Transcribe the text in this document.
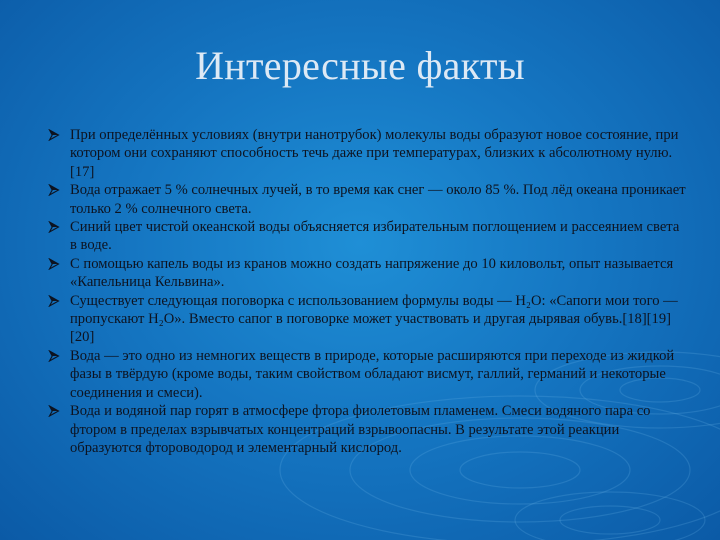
Интересные факты
При определённых условиях (внутри нанотрубок) молекулы воды образуют новое состояние, при котором они сохраняют способность течь даже при температурах, близких к абсолютному нулю.[17]
Вода отражает 5 % солнечных лучей, в то время как снег — около 85 %. Под лёд океана проникает только 2 % солнечного света.
Синий цвет чистой океанской воды объясняется избирательным поглощением и рассеянием света в воде.
С помощью капель воды из кранов можно создать напряжение до 10 киловольт, опыт называется «Капельница Кельвина».
Существует следующая поговорка с использованием формулы воды — Н₂О: «Сапоги мои того — пропускают Н₂О». Вместо сапог в поговорке может участвовать и другая дырявая обувь.[18][19][20]
Вода — это одно из немногих веществ в природе, которые расширяются при переходе из жидкой фазы в твёрдую (кроме воды, таким свойством обладают висмут, галлий, германий и некоторые соединения и смеси).
Вода и водяной пар горят в атмосфере фтора фиолетовым пламенем. Смеси водяного пара со фтором в пределах взрывчатых концентраций взрывоопасны. В результате этой реакции образуются фтороводород и элементарный кислород.
